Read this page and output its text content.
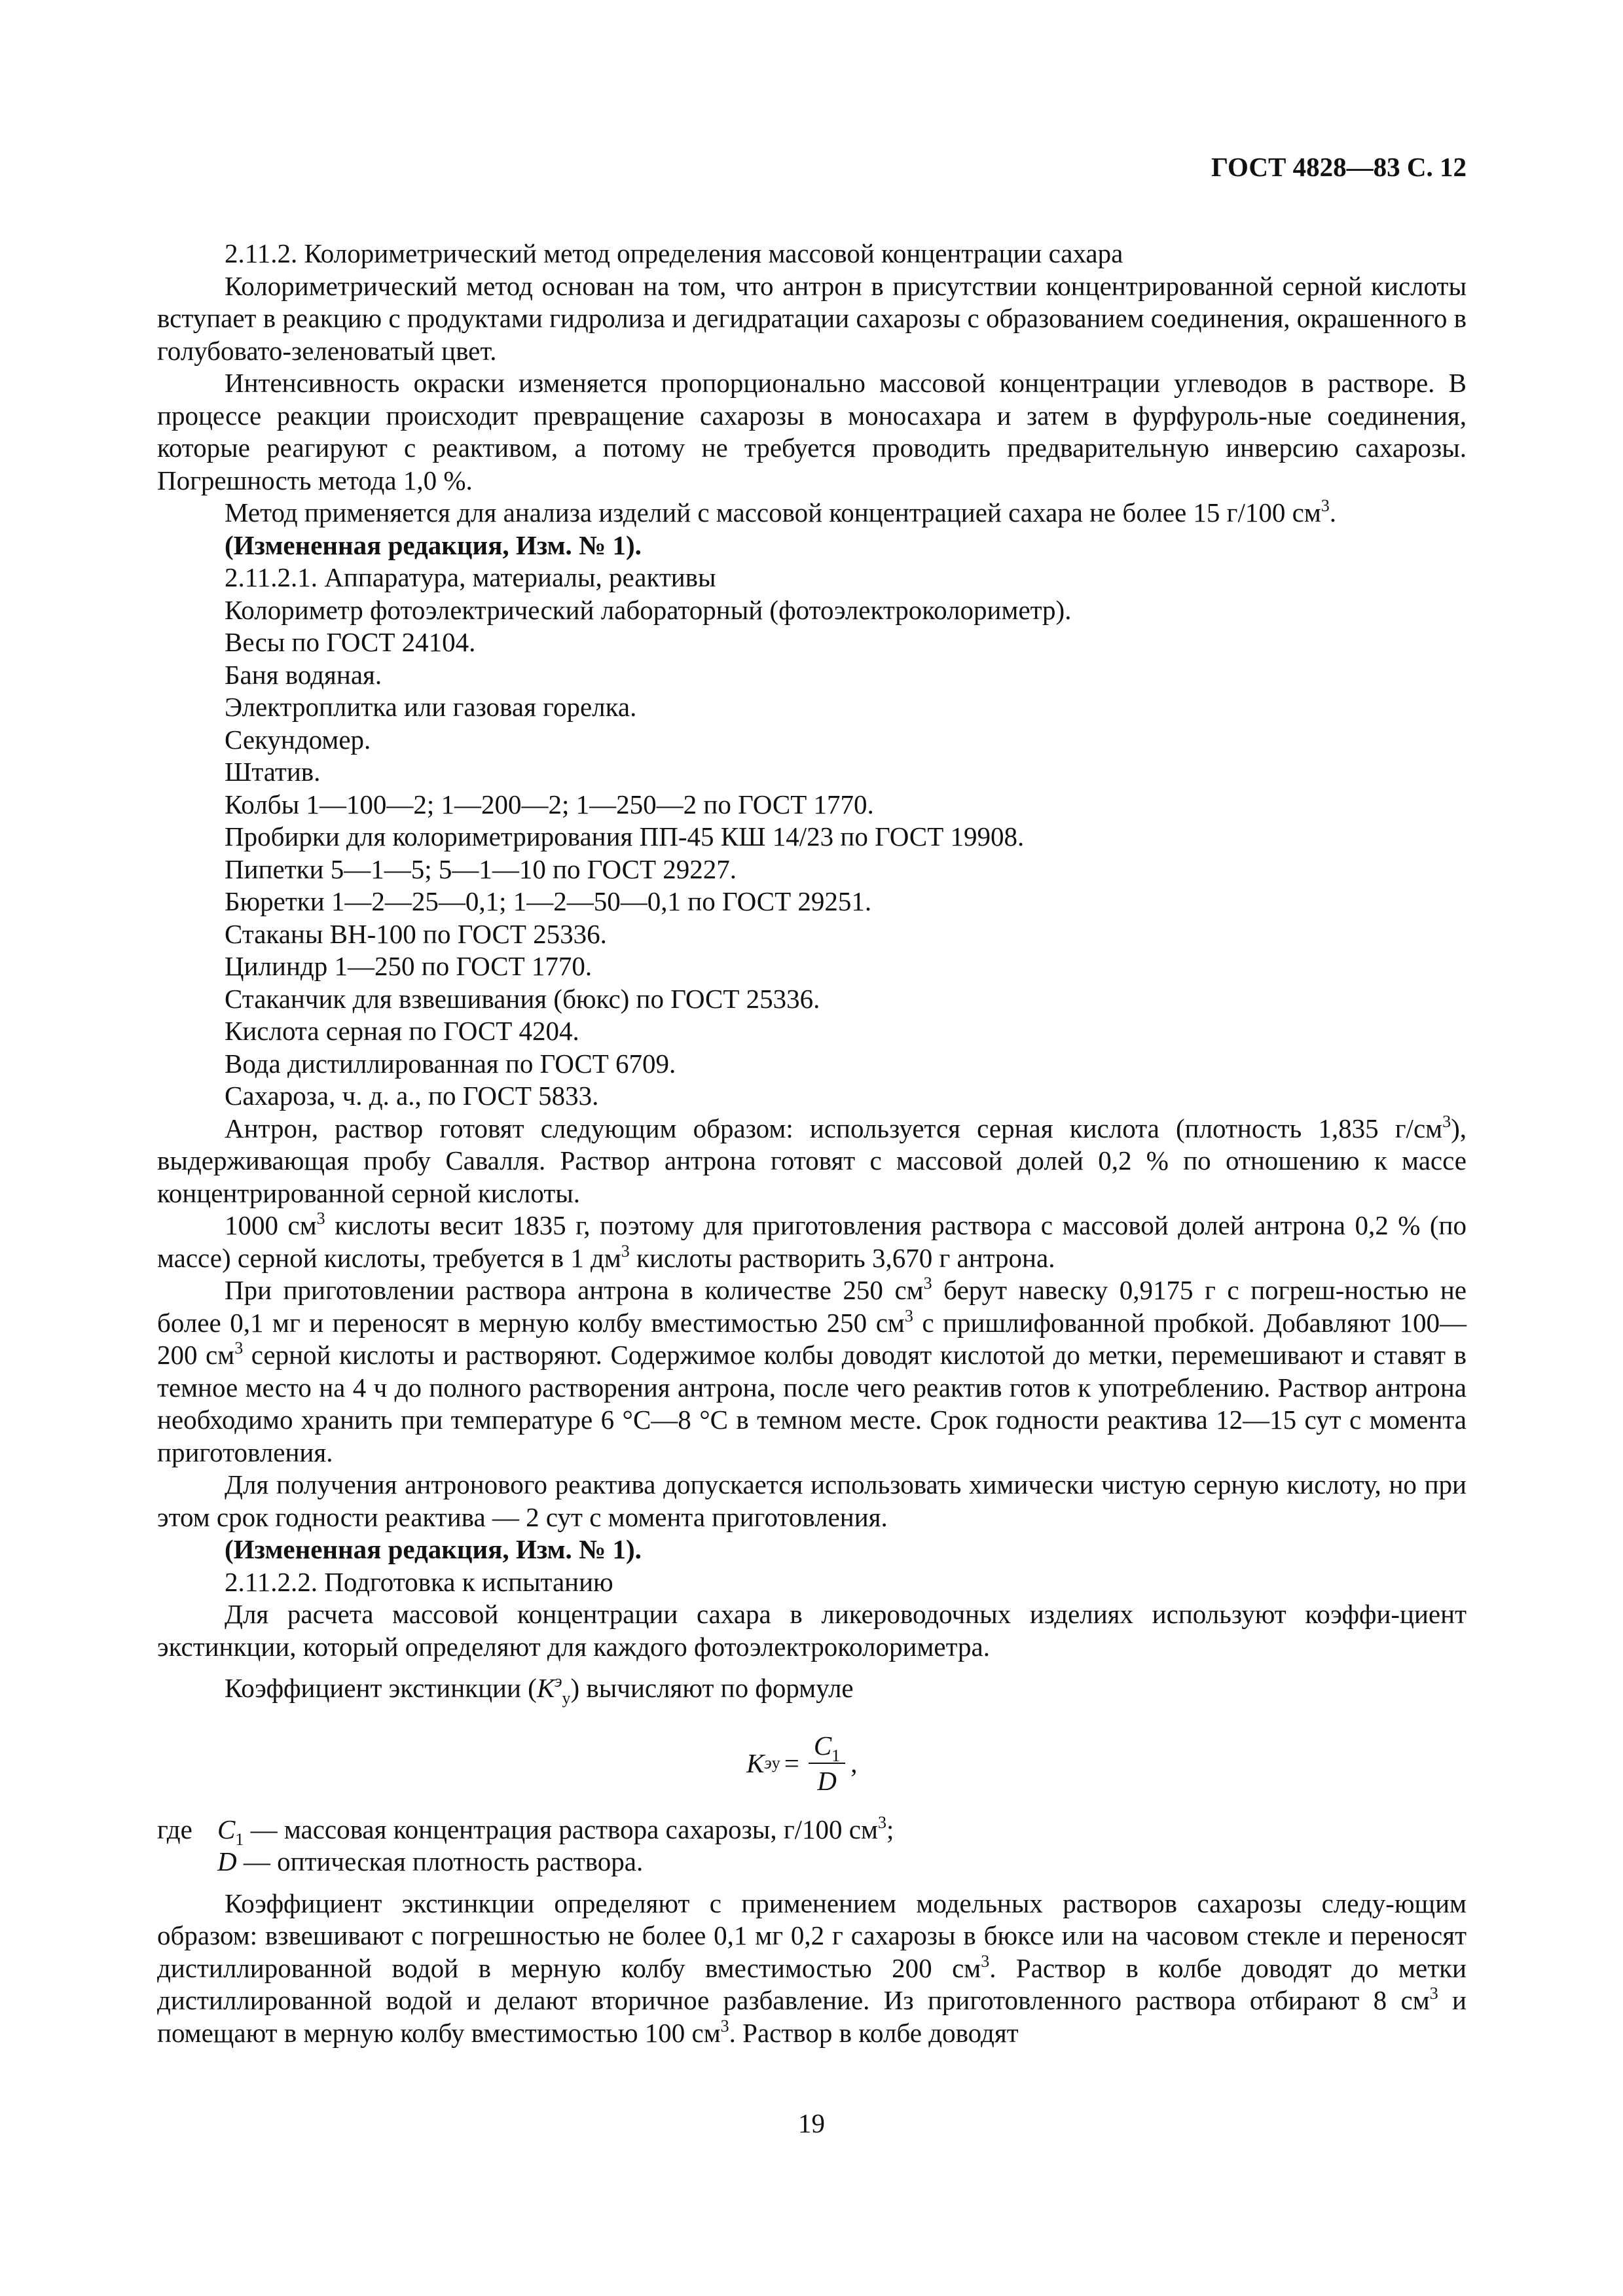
ГОСТ 4828—83 С. 12

2.11.2. Колориметрический метод определения массовой концентрации сахара

Колориметрический метод основан на том, что антрон в присутствии концентрированной серной кислоты вступает в реакцию с продуктами гидролиза и дегидратации сахарозы с образованием соединения, окрашенного в голубовато-зеленоватый цвет.

Интенсивность окраски изменяется пропорционально массовой концентрации углеводов в растворе. В процессе реакции происходит превращение сахарозы в моносахара и затем в фурфуроль-ные соединения, которые реагируют с реактивом, а потому не требуется проводить предварительную инверсию сахарозы. Погрешность метода 1,0 %.

Метод применяется для анализа изделий с массовой концентрацией сахара не более 15 г/100 $см^3$.

(Измененная редакция, Изм. № 1).

2.11.2.1. Аппаратура, материалы, реактивы

Колориметр фотоэлектрический лабораторный (фотоэлектроколориметр).

Весы по ГОСТ 24104.

Баня водяная.

Электроплитка или газовая горелка.

Секундомер.

Штатив.

Колбы 1—100—2; 1—200—2; 1—250—2 по ГОСТ 1770.

Пробирки для колориметрирования ПП-45 КШ 14/23 по ГОСТ 19908.

Пипетки 5—1—5; 5—1—10 по ГОСТ 29227.

Бюретки 1—2—25—0,1; 1—2—50—0,1 по ГОСТ 29251.

Стаканы ВН-100 по ГОСТ 25336.

Цилиндр 1—250 по ГОСТ 1770.

Стаканчик для взвешивания (бюкс) по ГОСТ 25336.

Кислота серная по ГОСТ 4204.

Вода дистиллированная по ГОСТ 6709.

Сахароза, ч. д. а., по ГОСТ 5833.

Антрон, раствор готовят следующим образом: используется серная кислота (плотность 1,835 $г/см^3$), выдерживающая пробу Савалля. Раствор антрона готовят с массовой долей 0,2 % по отношению к массе концентрированной серной кислоты.

1000 $см^3$ кислоты весит 1835 г, поэтому для приготовления раствора с массовой долей антрона 0,2 % (по массе) серной кислоты, требуется в 1 $дм^3$ кислоты растворить 3,670 г антрона.

При приготовлении раствора антрона в количестве 250 $см^3$ берут навеску 0,9175 г с погреш-ностью не более 0,1 мг и переносят в мерную колбу вместимостью 250 $см^3$ с пришлифованной пробкой. Добавляют 100—200 $см^3$ серной кислоты и растворяют. Содержимое колбы доводят кислотой до метки, перемешивают и ставят в темное место на 4 ч до полного растворения антрона, после чего реактив готов к употреблению. Раствор антрона необходимо хранить при температуре 6 °С—8 °С в темном месте. Срок годности реактива 12—15 сут с момента приготовления.

Для получения антронового реактива допускается использовать химически чистую серную кислоту, но при этом срок годности реактива — 2 сут с момента приготовления.

(Измененная редакция, Изм. № 1).

2.11.2.2. Подготовка к испытанию

Для расчета массовой концентрации сахара в ликероводочных изделиях используют коэффи-циент экстинкции, который определяют для каждого фотоэлектроколориметра.

Коэффициент экстинкции $(К^э_у)$ вычисляют по формуле

К э $у = \frac{С_1}{D}$ ,
где $С_1$ — массовая концентрация раствора сахарозы, г/100 $см^3$;
D — оптическая плотность раствора.

Коэффициент экстинкции определяют с применением модельных растворов сахарозы следу-ющим образом: взвешивают с погрешностью не более 0,1 мг 0,2 г сахарозы в бюксе или на часовом стекле и переносят дистиллированной водой в мерную колбу вместимостью 200 $см^3$. Раствор в колбе доводят до метки дистиллированной водой и делают вторичное разбавление. Из приготовленного раствора отбирают 8 $см^3$ и помещают в мерную колбу вместимостью 100 $см^3$. Раствор в колбе доводят

19
